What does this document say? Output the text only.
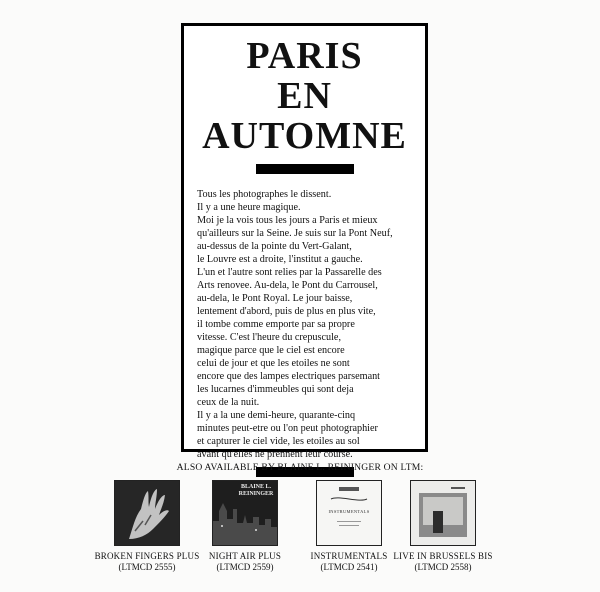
PARIS
EN
AUTOMNE
Tous les photographes le dissent.
Il y a une heure magique.
Moi je la vois tous les jours a Paris et mieux
qu'ailleurs sur la Seine. Je suis sur la Pont Neuf,
au-dessus de la pointe du Vert-Galant,
le Louvre est a droite, l'institut a gauche.
L'un et l'autre sont relies par la Passarelle des
Arts renovee. Au-dela, le Pont du Carrousel,
au-dela, le Pont Royal. Le jour baisse,
lentement d'abord, puis de plus en plus vite,
il tombe comme emporte par sa propre
vitesse. C'est l'heure du crepuscule,
magique parce que le ciel est encore
celui de jour et que les etoiles ne sont
encore que des lampes electriques parsemant
les lucarnes d'immeubles qui sont deja
ceux de la nuit.
Il y a la une demi-heure, quarante-cinq
minutes peut-etre ou l'on peut photographier
et capturer le ciel vide, les etoiles au sol
avant qu'elles ne prennent leur course.
ALSO AVAILABLE BY BLAINE L. REININGER ON LTM:
BROKEN FINGERS PLUS
(LTMCD 2555)
BLAINE L. REININGER
NIGHT AIR PLUS
(LTMCD 2559)
INSTRUMENTALS
INSTRUMENTALS
(LTMCD 2541)
LIVE IN BRUSSELS BIS
(LTMCD 2558)
